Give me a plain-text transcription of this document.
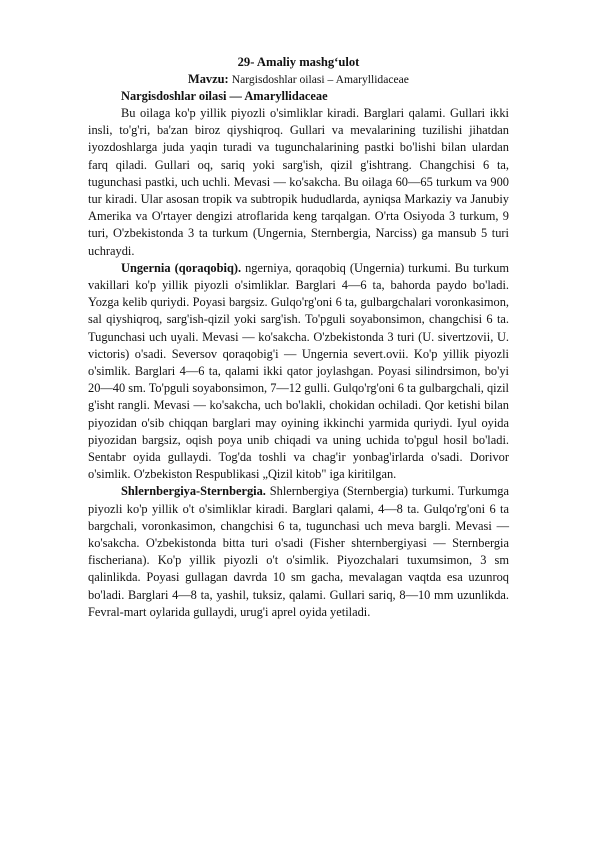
29- Amaliy mashg‘ulot

Mavzu: Nargisdoshlar oilasi – Amaryllidaceae

Nargisdoshlar oilasi — Amaryllidaceae

Bu oilaga ko'p yillik piyozli o'simliklar kiradi. Barglari qalami. Gullari ikki insli, to'g'ri, ba'zan biroz qiyshiqroq. Gullari va mevalarining tuzilishi jihatdan iyozdoshlarga juda yaqin turadi va tugunchalarining pastki bo'lishi bilan ulardan farq qiladi. Gullari oq, sariq yoki sarg'ish, qizil g'ishtrang. Changchisi 6 ta, tugunchasi pastki, uch uchli. Mevasi — ko'sakcha. Bu oilaga 60—65 turkum va 900 tur kiradi. Ular asosan tropik va subtropik hududlarda, ayniqsa Markaziy va Janubiy Amerika va O'rtayer dengizi atroflarida keng tarqalgan. O'rta Osiyoda 3 turkum, 9 turi, O'zbekistonda 3 ta turkum (Ungernia, Sternbergia, Narciss) ga mansub 5 turi uchraydi.

Ungernia (qoraqobiq). ngerniya, qoraqobiq (Ungernia) turkumi. Bu turkum vakillari ko'p yillik piyozli o'simliklar. Barglari 4—6 ta, bahorda paydo bo'ladi. Yozga kelib quriydi. Poyasi bargsiz. Gulqo'rg'oni 6 ta, gulbargchalari voronkasimon, sal qiyshiqroq, sarg'ish-qizil yoki sarg'ish. To'pguli soyabonsimon, changchisi 6 ta. Tugunchasi uch uyali. Mevasi — ko'sakcha. O'zbekistonda 3 turi (U. sivertzovii, U. victoris) o'sadi. Seversov qoraqobig'i — Ungernia severt.ovii. Ko'p yillik piyozli o'simlik. Barglari 4—6 ta, qalami ikki qator joylashgan. Poyasi silindrsimon, bo'yi 20—40 sm. To'pguli soyabonsimon, 7—12 gulli. Gulqo'rg'oni 6 ta gulbargchali, qizil g'isht rangli. Mevasi — ko'sakcha, uch bo'lakli, chokidan ochiladi. Qor ketishi bilan piyozidan o'sib chiqqan barglari may oyining ikkinchi yarmida quriydi. Iyul oyida piyozidan bargsiz, oqish poya unib chiqadi va uning uchida to'pgul hosil bo'ladi. Sentabr oyida gullaydi. Tog'da toshli va chag'ir yonbag'irlarda o'sadi. Dorivor o'simlik. O'zbekiston Respublikasi „Qizil kitob" iga kiritilgan.

Shlernbergiya-Sternbergia. Shlernbergiya (Sternbergia) turkumi. Turkumga piyozli ko'p yillik o't o'simliklar kiradi. Barglari qalami, 4—8 ta. Gulqo'rg'oni 6 ta bargchali, voronkasimon, changchisi 6 ta, tugunchasi uch meva bargli. Mevasi — ko'sakcha. O'zbekistonda bitta turi o'sadi (Fisher shternbergiyasi — Sternbergia fischeriana). Ko'p yillik piyozli o't o'simlik. Piyozchalari tuxumsimon, 3 sm qalinlikda. Poyasi gullagan davrda 10 sm gacha, mevalagan vaqtda esa uzunroq bo'ladi. Barglari 4—8 ta, yashil, tuksiz, qalami. Gullari sariq, 8—10 mm uzunlikda. Fevral-mart oylarida gullaydi, urug'i aprel oyida yetiladi.
